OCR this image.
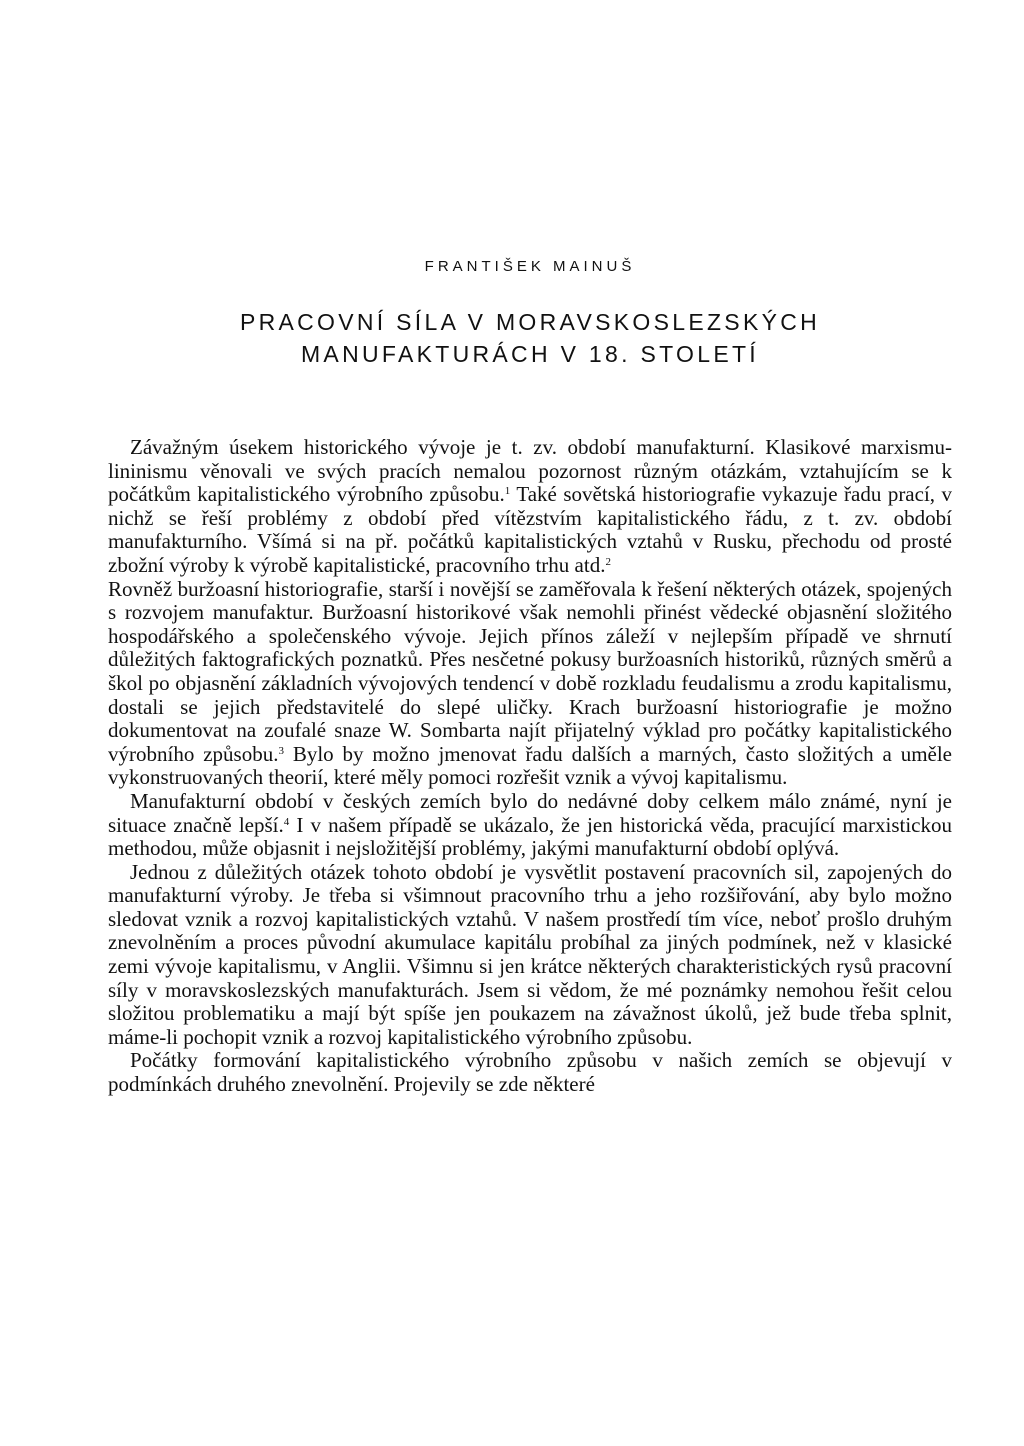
FRANTIŠEK MAINUŠ

PRACOVNÍ SÍLA V MORAVSKOSLEZSKÝCH
MANUFAKTURÁCH V 18. STOLETÍ

Závažným úsekem historického vývoje je t. zv. období manufakturní. Klasikové marxismu-lininismu věnovali ve svých pracích nemalou pozornost různým otázkám, vztahujícím se k počátkům kapitalistického výrobního způsobu.$^1$ Také sovětská historiografie vykazuje řadu prací, v nichž se řeší problémy z období před vítězstvím kapitalistického řádu, z t. zv. období manufakturního. Všímá si na př. počátků kapitalistických vztahů v Rusku, přechodu od prosté zbožní výroby k výrobě kapitalistické, pracovního trhu atd.$^2$

Rovněž buržoasní historiografie, starší i novější se zaměřovala k řešení některých otázek, spojených s rozvojem manufaktur. Buržoasní historikové však nemohli přinést vědecké objasnění složitého hospodářského a společenského vývoje. Jejich přínos záleží v nejlepším případě ve shrnutí důležitých faktografických poznatků. Přes nesčetné pokusy buržoasních historiků, různých směrů a škol po objasnění základních vývojových tendencí v době rozkladu feudalismu a zrodu kapitalismu, dostali se jejich představitelé do slepé uličky. Krach buržoasní historiografie je možno dokumentovat na zoufalé snaze W. Sombarta najít přijatelný výklad pro počátky kapitalistického výrobního způsobu.$^3$ Bylo by možno jmenovat řadu dalších a marných, často složitých a uměle vykonstruovaných theorií, které měly pomoci rozřešit vznik a vývoj kapitalismu.

Manufakturní období v českých zemích bylo do nedávné doby celkem málo známé, nyní je situace značně lepší.$^4$ I v našem případě se ukázalo, že jen historická věda, pracující marxistickou methodou, může objasnit i nejsložitější problémy, jakými manufakturní období oplývá.

Jednou z důležitých otázek tohoto období je vysvětlit postavení pracovních sil, zapojených do manufakturní výroby. Je třeba si všimnout pracovního trhu a jeho rozšiřování, aby bylo možno sledovat vznik a rozvoj kapitalistických vztahů. V našem prostředí tím více, neboť prošlo druhým znevolněním a proces původní akumulace kapitálu probíhal za jiných podmínek, než v klasické zemi vývoje kapitalismu, v Anglii. Všimnu si jen krátce některých charakteristických rysů pracovní síly v moravskoslezských manufakturách. Jsem si vědom, že mé poznámky nemohou řešit celou složitou problematiku a mají být spíše jen poukazem na závažnost úkolů, jež bude třeba splnit, máme-li pochopit vznik a rozvoj kapitalistického výrobního způsobu.

Počátky formování kapitalistického výrobního způsobu v našich zemích se objevují v podmínkách druhého znevolnění. Projevily se zde některé
